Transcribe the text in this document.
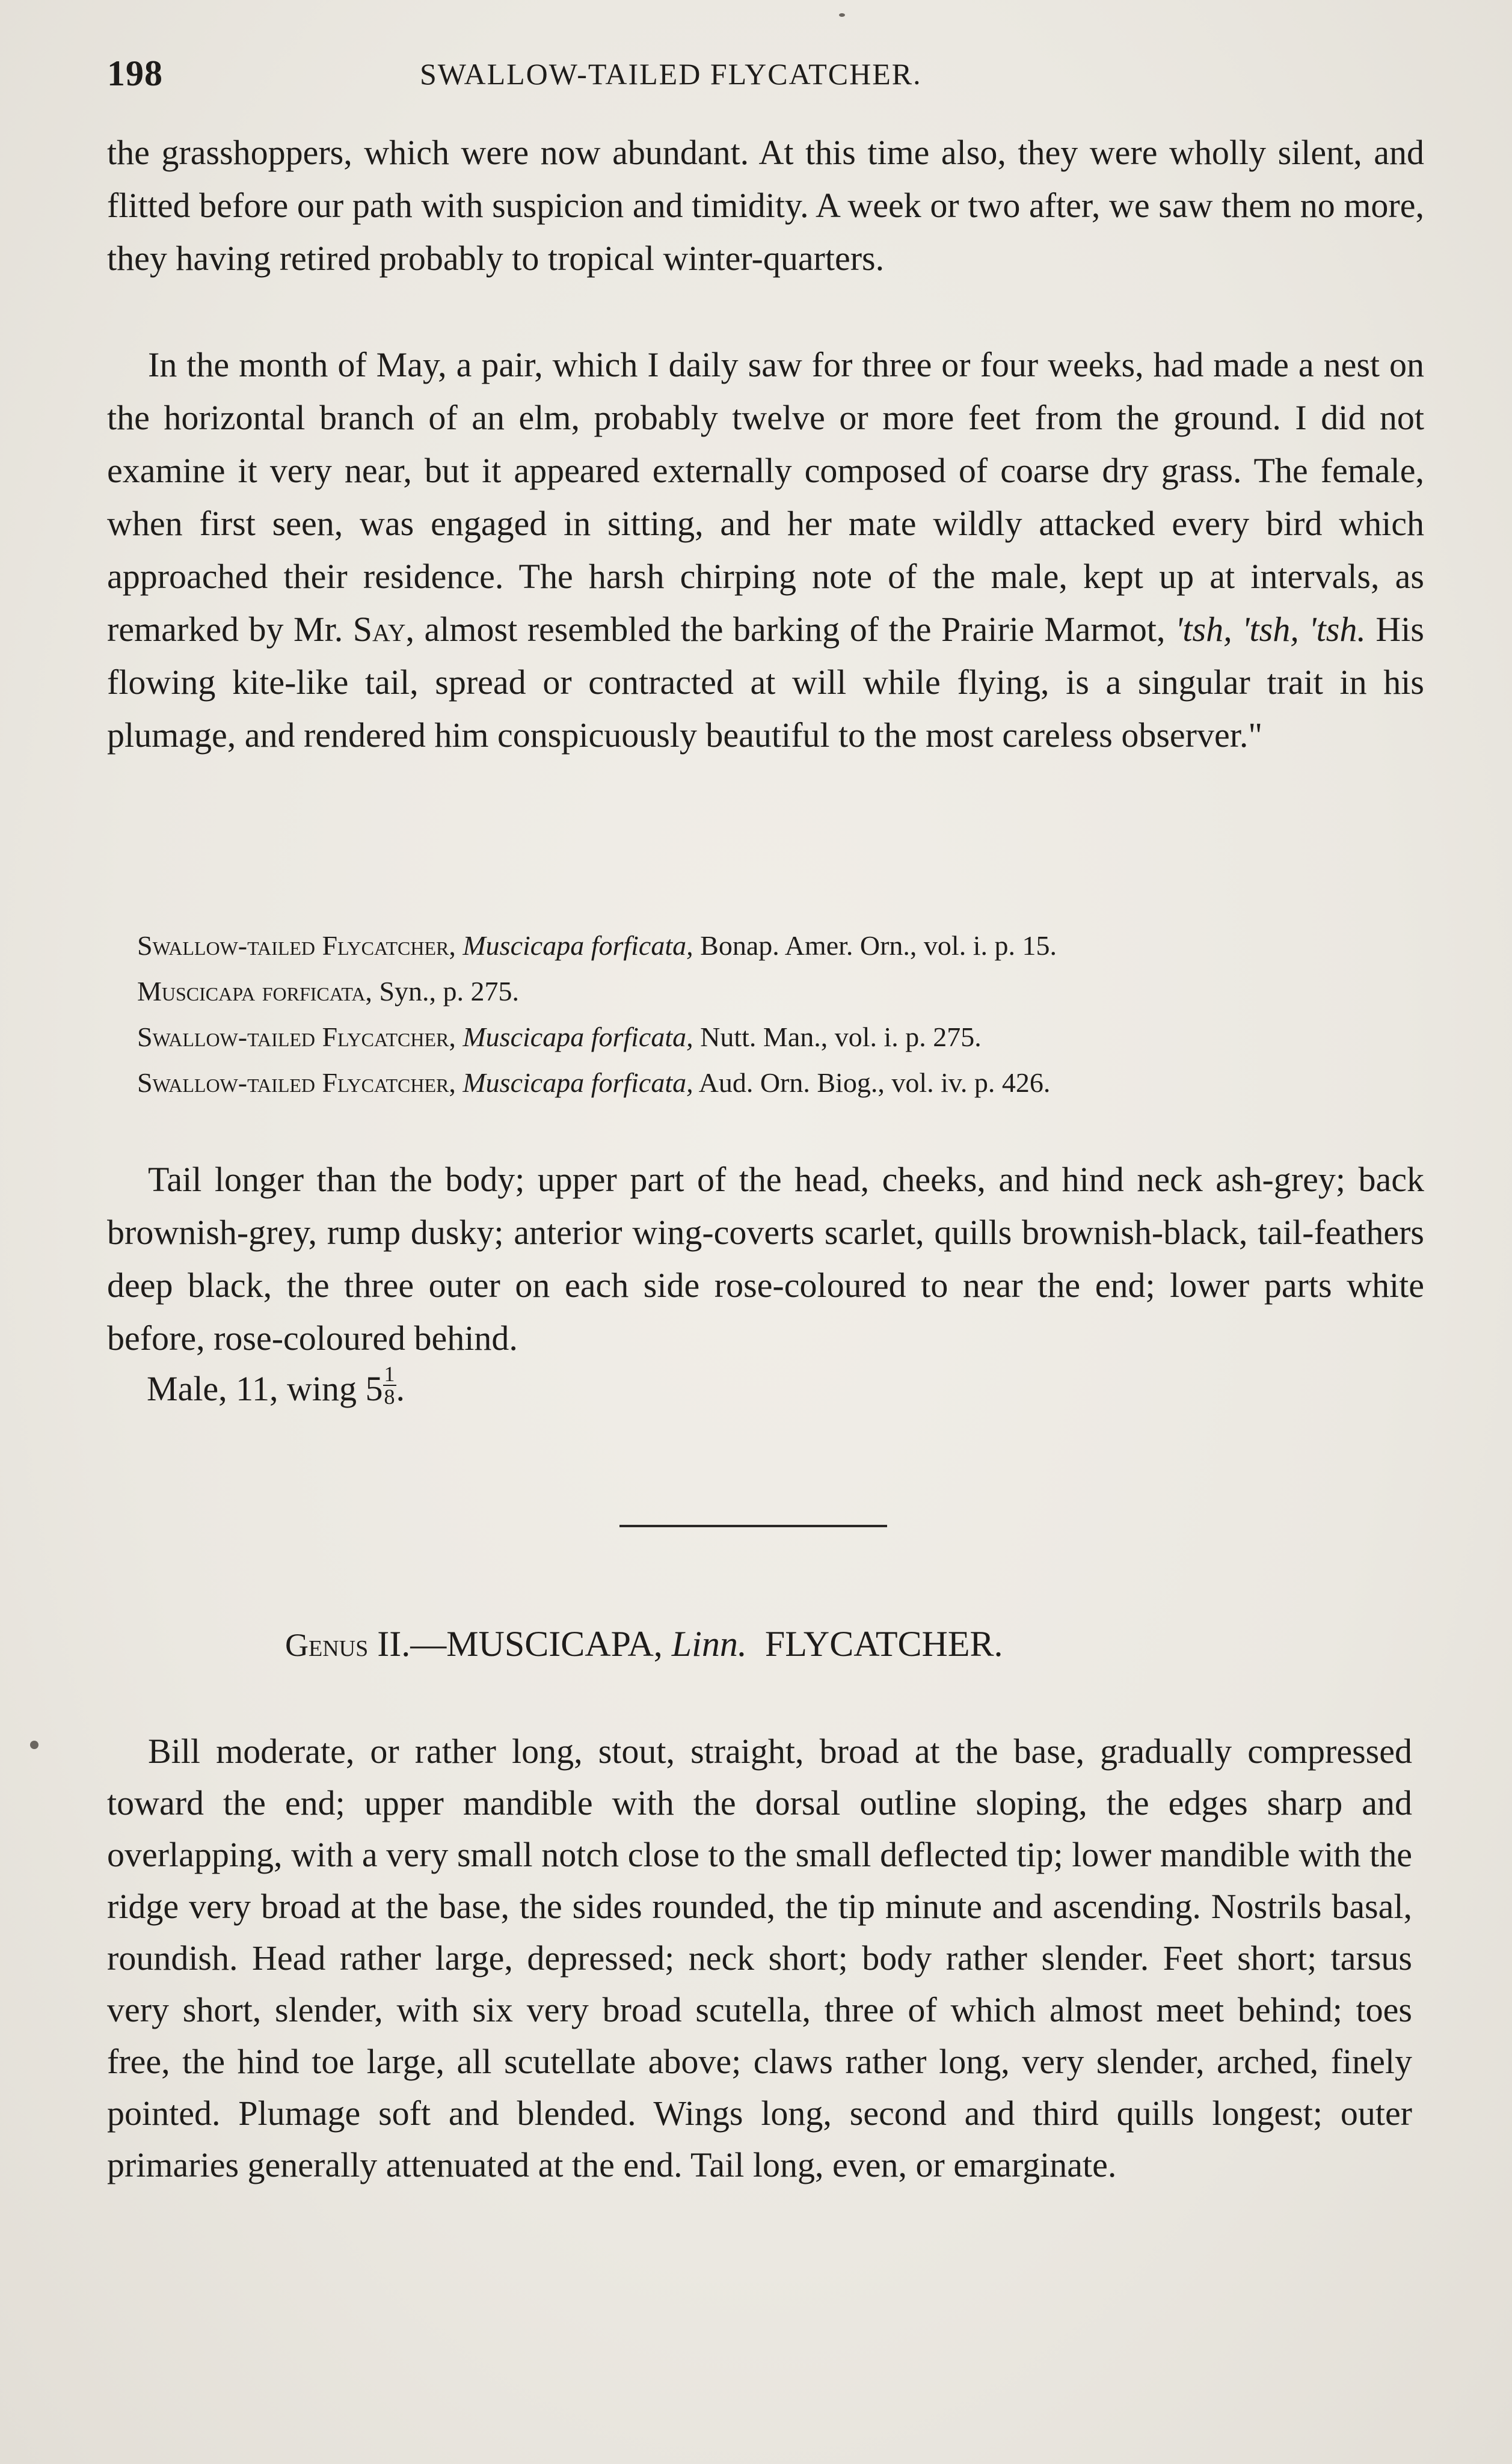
198	SWALLOW-TAILED FLYCATCHER.

the grasshoppers, which were now abundant. At this time also, they were wholly silent, and flitted before our path with suspicion and timidity. A week or two after, we saw them no more, they having retired probably to tropical winter-quarters.

In the month of May, a pair, which I daily saw for three or four weeks, had made a nest on the horizontal branch of an elm, probably twelve or more feet from the ground. I did not examine it very near, but it appeared externally composed of coarse dry grass. The female, when first seen, was engaged in sitting, and her mate wildly attacked every bird which approached their residence. The harsh chirping note of the male, kept up at intervals, as remarked by Mr. Say, almost resembled the barking of the Prairie Marmot, 'tsh, 'tsh, 'tsh. His flowing kite-like tail, spread or contracted at will while flying, is a singular trait in his plumage, and rendered him conspicuously beautiful to the most careless observer."

Swallow-tailed Flycatcher, Muscicapa forficata, Bonap. Amer. Orn., vol. i. p. 15.
Muscicapa forficata, Syn., p. 275.
Swallow-tailed Flycatcher, Muscicapa forficata, Nutt. Man., vol. i. p. 275.
Swallow-tailed Flycatcher, Muscicapa forficata, Aud. Orn. Biog., vol. iv. p. 426.

Tail longer than the body; upper part of the head, cheeks, and hind neck ash-grey; back brownish-grey, rump dusky; anterior wing-coverts scarlet, quills brownish-black, tail-feathers deep black, the three outer on each side rose-coloured to near the end; lower parts white before, rose-coloured behind.

Male, 11, wing $5 \frac{1}{8}$ .
Genus II.—MUSCICAPA, Linn. FLYCATCHER.

Bill moderate, or rather long, stout, straight, broad at the base, gradually compressed toward the end; upper mandible with the dorsal outline sloping, the edges sharp and overlapping, with a very small notch close to the small deflected tip; lower mandible with the ridge very broad at the base, the sides rounded, the tip minute and ascending. Nostrils basal, roundish. Head rather large, depressed; neck short; body rather slender. Feet short; tarsus very short, slender, with six very broad scutella, three of which almost meet behind; toes free, the hind toe large, all scutellate above; claws rather long, very slender, arched, finely pointed. Plumage soft and blended. Wings long, second and third quills longest; outer primaries generally attenuated at the end. Tail long, even, or emarginate.
